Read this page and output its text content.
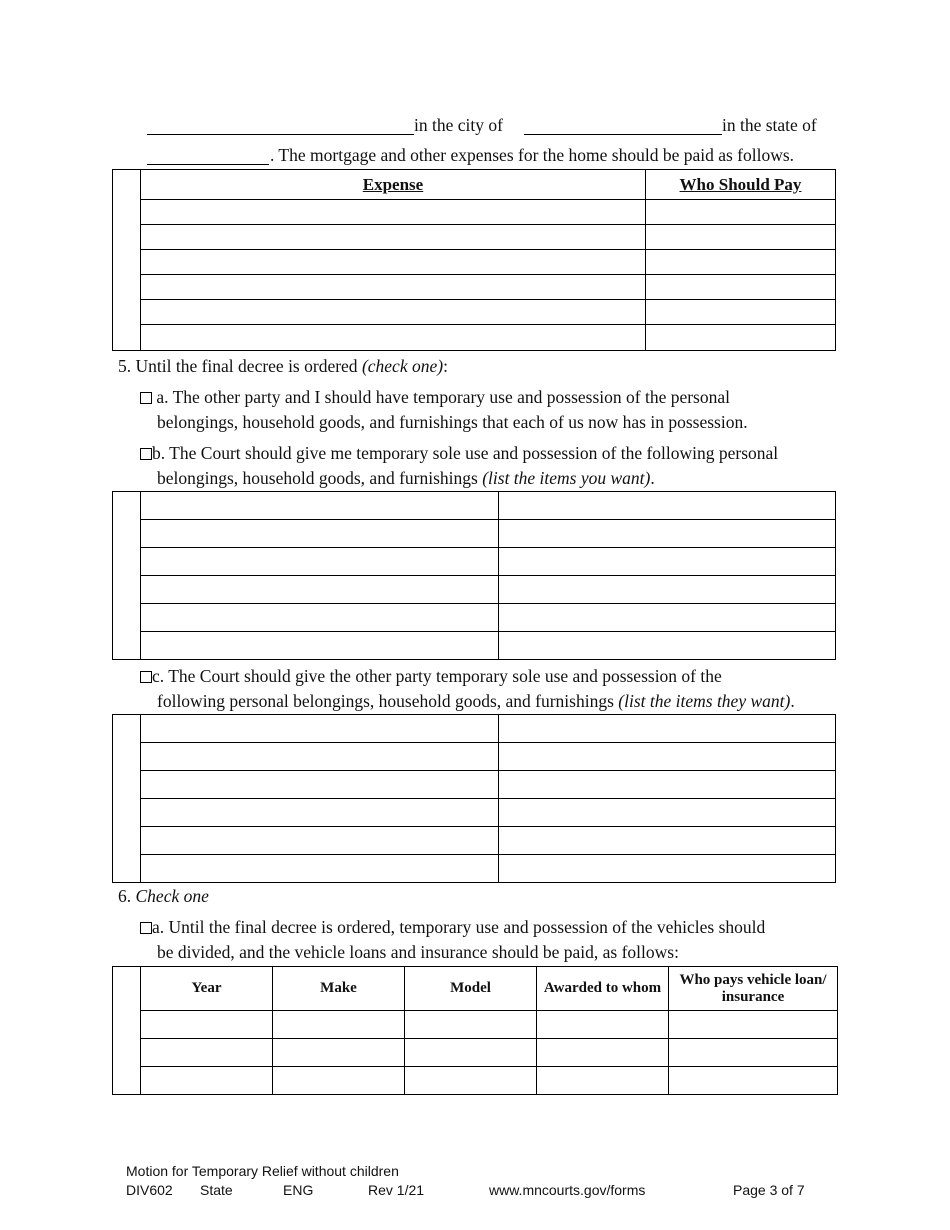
in the city of	in the state of
. The mortgage and other expenses for the home should be paid as follows.
	Expense	Who Should Pay

5. Until the final decree is ordered (check one):
a. The other party and I should have temporary use and possession of the personal
belongings, household goods, and furnishings that each of us now has in possession.
b. The Court should give me temporary sole use and possession of the following personal
belongings, household goods, and furnishings (list the items you want).

c. The Court should give the other party temporary sole use and possession of the
following personal belongings, household goods, and furnishings (list the items they want).

6. Check one
a. Until the final decree is ordered, temporary use and possession of the vehicles should
be divided, and the vehicle loans and insurance should be paid, as follows:
	Year	Make	Model	Awarded to whom	Who pays vehicle loan/ insurance

Motion for Temporary Relief without children
DIV602 State	ENG	Rev 1/21	www.mncourts.gov/forms	Page 3 of 7
